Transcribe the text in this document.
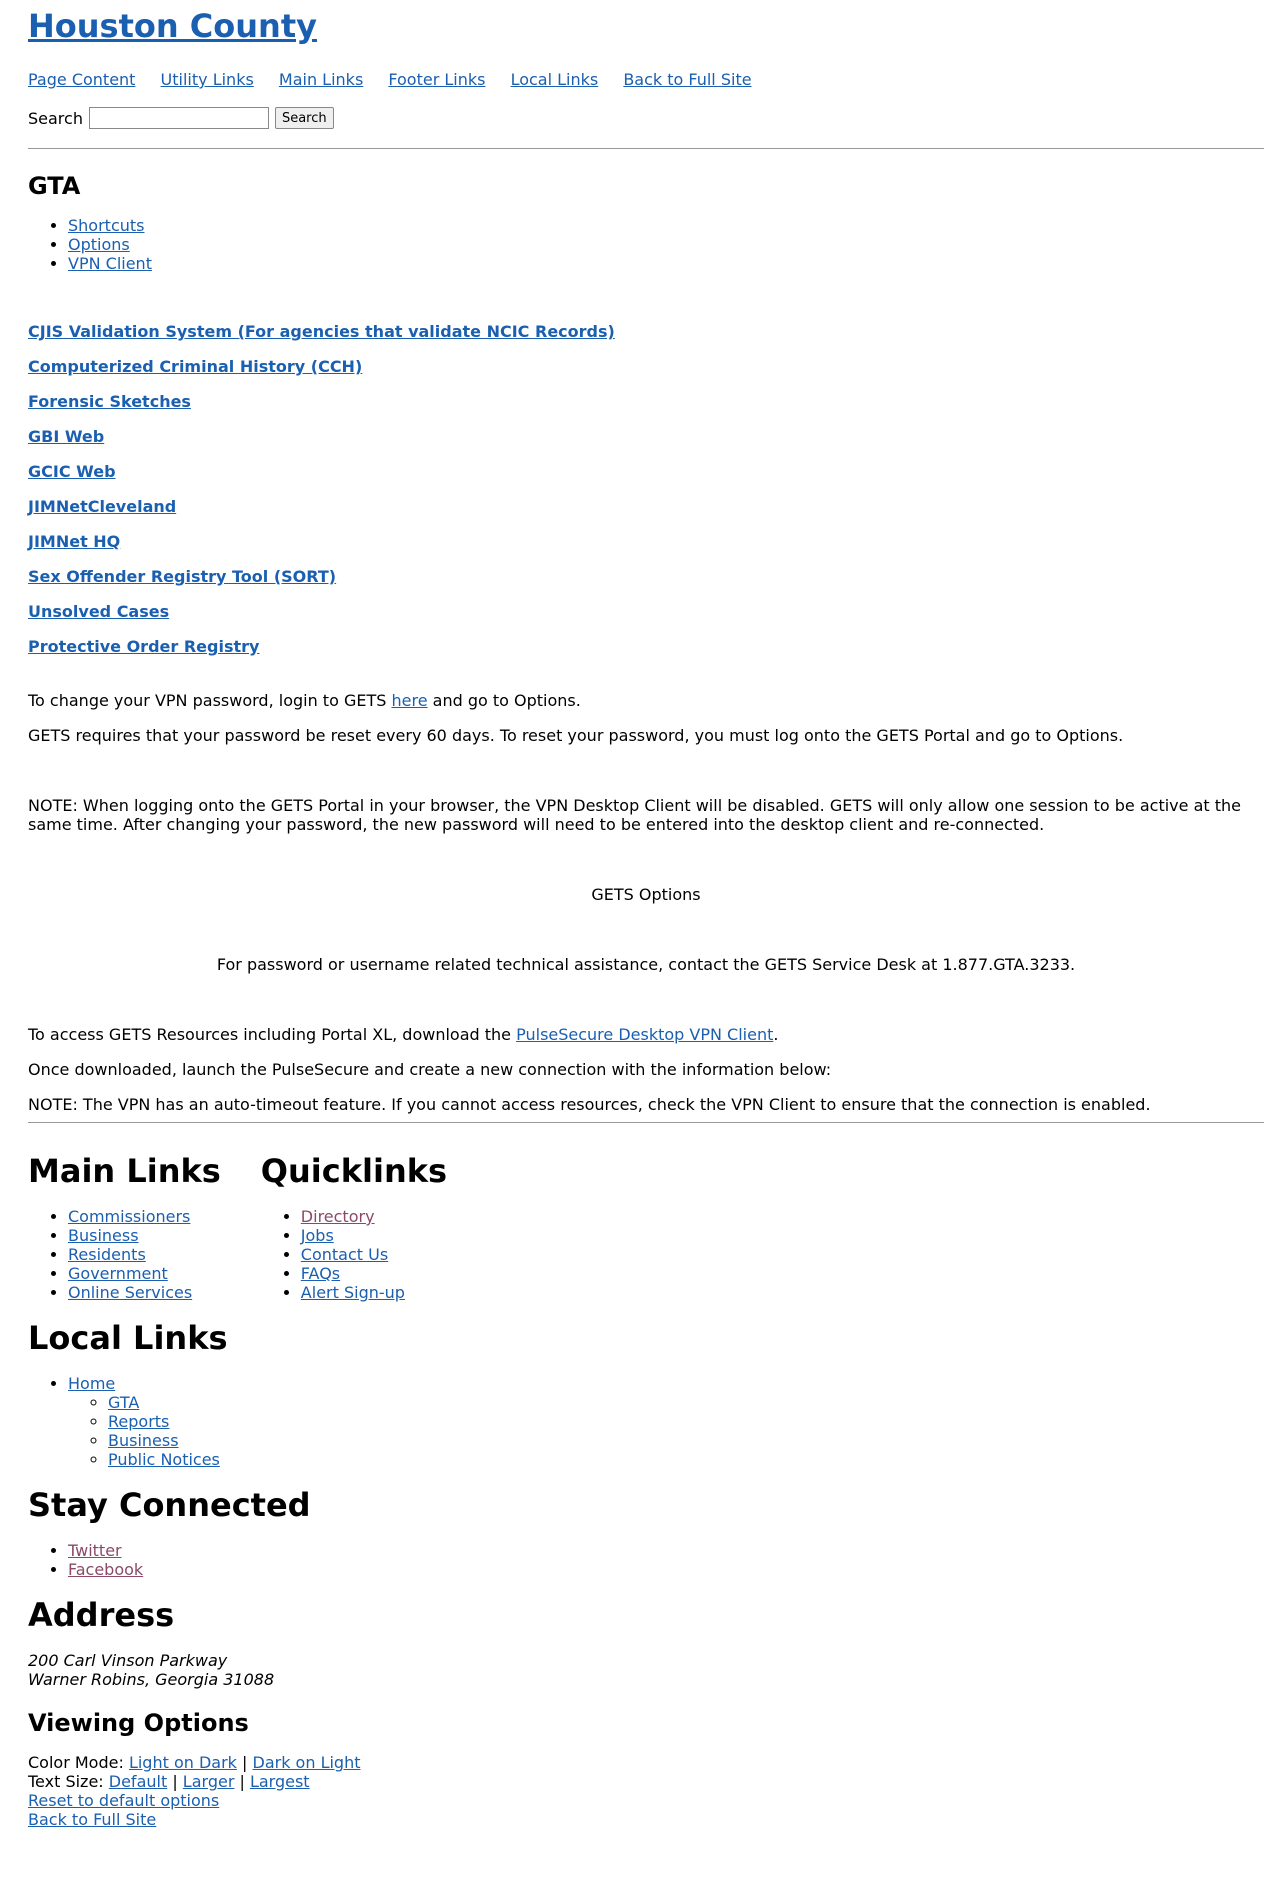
Houston County
Page Content Utility Links Main Links Footer Links Local Links Back to Full Site
Search	Search
GTA
• Shortcuts
• Options
• VPN Client
CJIS Validation System (For agencies that validate NCIC Records)
Computerized Criminal History (CCH)
Forensic Sketches
GBI Web
GCIC Web
JIMNetCleveland
JIMNet HQ
Sex Offender Registry Tool (SORT)
Unsolved Cases
Protective Order Registry

To change your VPN password, login to GETS here and go to Options.

GETS requires that your password be reset every 60 days. To reset your password, you must log onto the GETS Portal and go to Options.

NOTE: When logging onto the GETS Portal in your browser, the VPN Desktop Client will be disabled. GETS will only allow one session to be active at the same time. After changing your password, the new password will need to be entered into the desktop client and re-connected.

GETS Options

For password or username related technical assistance, contact the GETS Service Desk at 1.877.GTA.3233.

To access GETS Resources including Portal XL, download the PulseSecure Desktop VPN Client.

Once downloaded, launch the PulseSecure and create a new connection with the information below:

NOTE: The VPN has an auto-timeout feature. If you cannot access resources, check the VPN Client to ensure that the connection is enabled.

Main Links
• Commissioners
• Business
• Residents
• Government
• Online Services
Quicklinks
• Directory
• Jobs
• Contact Us
• FAQs
• Alert Sign-up
Local Links
• Home
◦ GTA
◦ Reports
◦ Business
◦ Public Notices
Stay Connected
• Twitter
• Facebook
Address
200 Carl Vinson Parkway
Warner Robins, Georgia 31088
Viewing Options
Color Mode: Light on Dark | Dark on Light
Text Size: Default | Larger | Largest
Reset to default options
Back to Full Site
